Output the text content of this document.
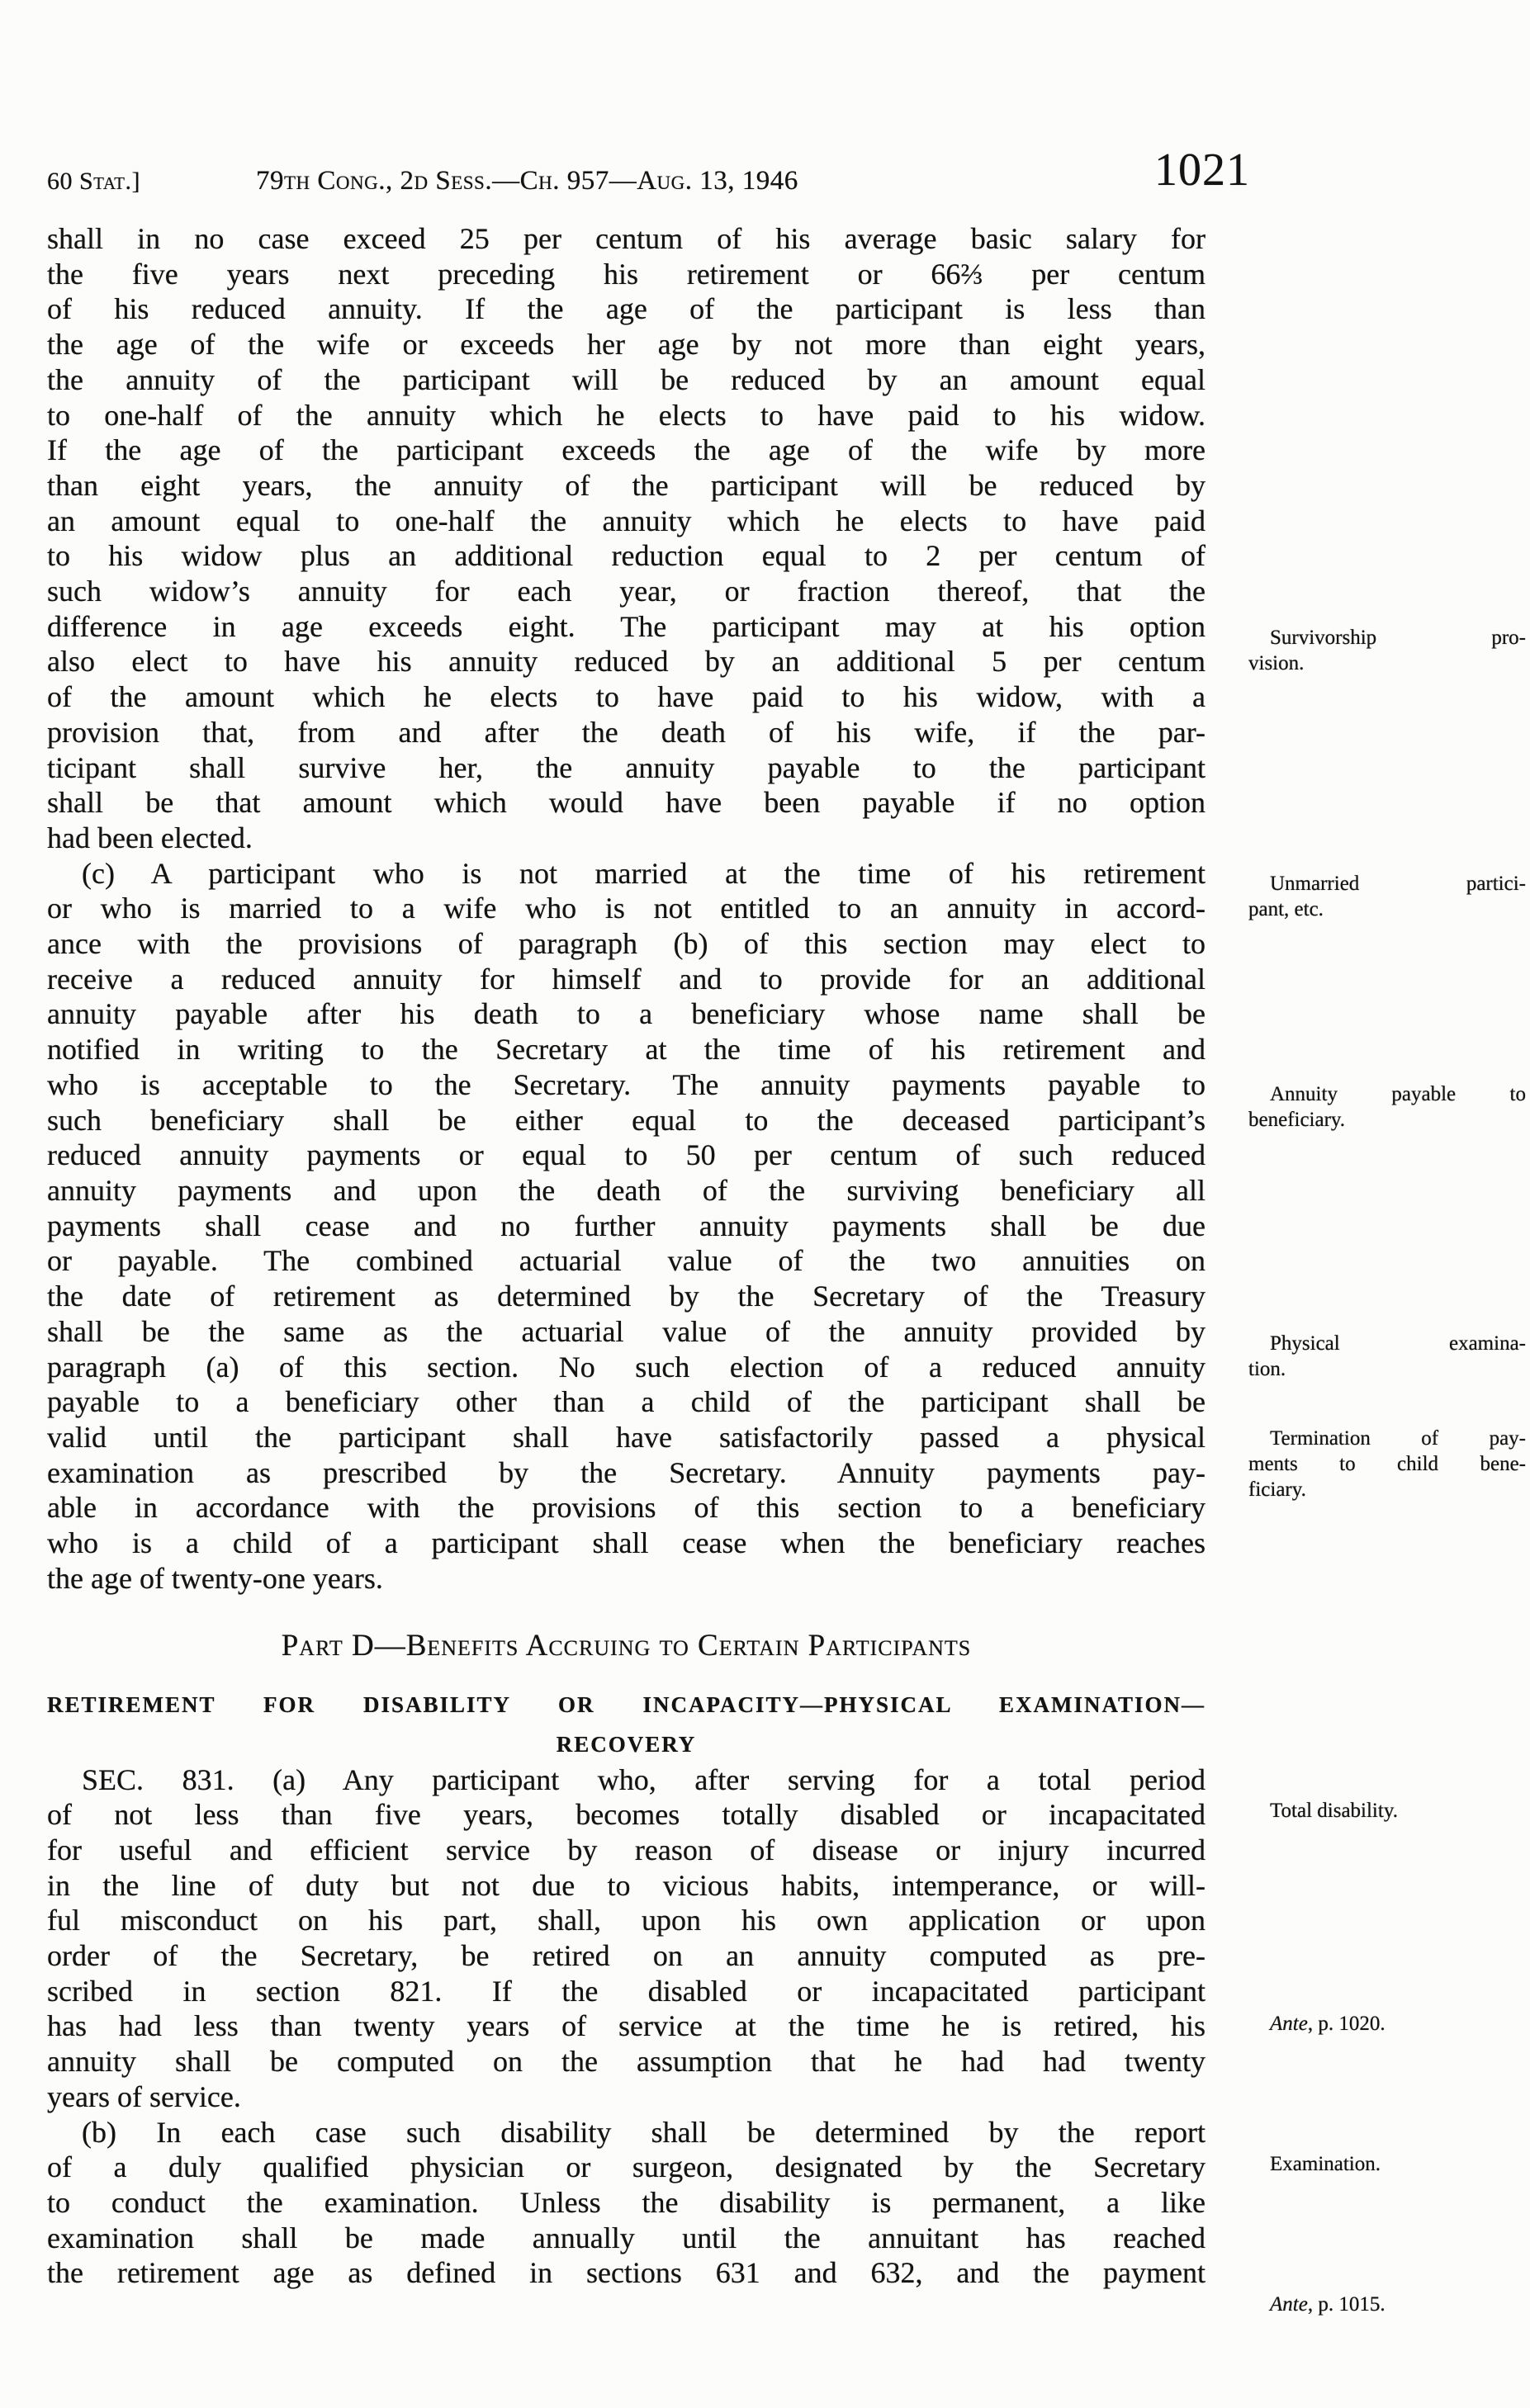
60 Stat.]	79th Cong., 2d Sess.—Ch. 957—Aug. 13, 1946	1021
shall in no case exceed 25 per centum of his average basic salary for
the five years next preceding his retirement or 66⅔ per centum
of his reduced annuity. If the age of the participant is less than
the age of the wife or exceeds her age by not more than eight years,
the annuity of the participant will be reduced by an amount equal
to one-half of the annuity which he elects to have paid to his widow.
If the age of the participant exceeds the age of the wife by more
than eight years, the annuity of the participant will be reduced by
an amount equal to one-half the annuity which he elects to have paid
to his widow plus an additional reduction equal to 2 per centum of
such widow’s annuity for each year, or fraction thereof, that the
difference in age exceeds eight. The participant may at his option
also elect to have his annuity reduced by an additional 5 per centum
of the amount which he elects to have paid to his widow, with a
provision that, from and after the death of his wife, if the par-
ticipant shall survive her, the annuity payable to the participant
shall be that amount which would have been payable if no option
had been elected.
(c) A participant who is not married at the time of his retirement
or who is married to a wife who is not entitled to an annuity in accord-
ance with the provisions of paragraph (b) of this section may elect to
receive a reduced annuity for himself and to provide for an additional
annuity payable after his death to a beneficiary whose name shall be
notified in writing to the Secretary at the time of his retirement and
who is acceptable to the Secretary. The annuity payments payable to
such beneficiary shall be either equal to the deceased participant’s
reduced annuity payments or equal to 50 per centum of such reduced
annuity payments and upon the death of the surviving beneficiary all
payments shall cease and no further annuity payments shall be due
or payable. The combined actuarial value of the two annuities on
the date of retirement as determined by the Secretary of the Treasury
shall be the same as the actuarial value of the annuity provided by
paragraph (a) of this section. No such election of a reduced annuity
payable to a beneficiary other than a child of the participant shall be
valid until the participant shall have satisfactorily passed a physical
examination as prescribed by the Secretary. Annuity payments pay-
able in accordance with the provisions of this section to a beneficiary
who is a child of a participant shall cease when the beneficiary reaches
the age of twenty-one years.
Part D—Benefits Accruing to Certain Participants
RETIREMENT FOR DISABILITY OR INCAPACITY—PHYSICAL EXAMINATION—
RECOVERY
SEC. 831. (a) Any participant who, after serving for a total period
of not less than five years, becomes totally disabled or incapacitated
for useful and efficient service by reason of disease or injury incurred
in the line of duty but not due to vicious habits, intemperance, or will-
ful misconduct on his part, shall, upon his own application or upon
order of the Secretary, be retired on an annuity computed as pre-
scribed in section 821. If the disabled or incapacitated participant
has had less than twenty years of service at the time he is retired, his
annuity shall be computed on the assumption that he had had twenty
years of service.
(b) In each case such disability shall be determined by the report
of a duly qualified physician or surgeon, designated by the Secretary
to conduct the examination. Unless the disability is permanent, a like
examination shall be made annually until the annuitant has reached
the retirement age as defined in sections 631 and 632, and the payment
Survivorship pro-
vision.
Unmarried partici-
pant, etc.
Annuity payable to
beneficiary.
Physical examina-
tion.
Termination of pay-
ments to child bene-
ficiary.
Total disability.
Ante, p. 1020.
Examination.
Ante, p. 1015.
